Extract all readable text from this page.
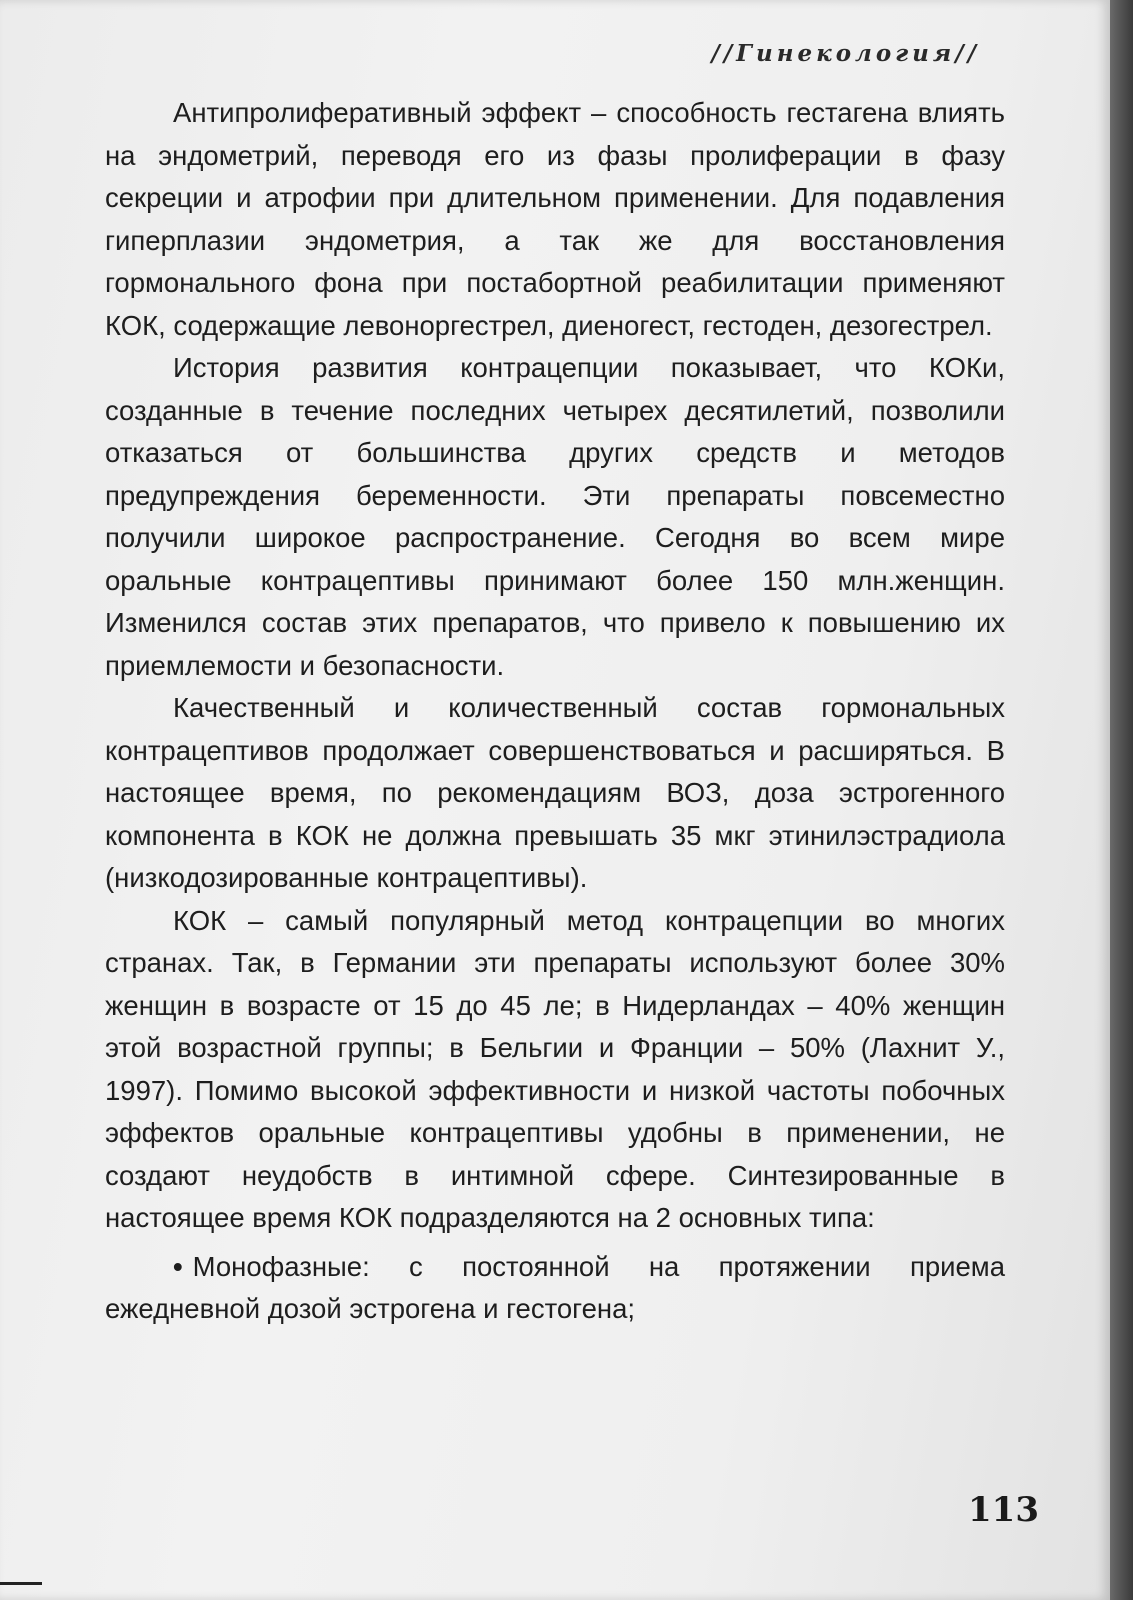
//Гинекология//

Антипролиферативный эффект – способность гестагена влиять на эндометрий, переводя его из фазы пролиферации в фазу секреции и атрофии при длительном применении. Для подавления гиперплазии эндометрия, а так же для восстановления гормонального фона при постабортной реабилитации применяют КОК, содержащие левоноргестрел, диеногест, гестоден, дезогестрел.

История развития контрацепции показывает, что КОКи, созданные в течение последних четырех десятилетий, позволили отказаться от большинства других средств и методов предупреждения беременности. Эти препараты повсеместно получили широкое распространение. Сегодня во всем мире оральные контрацептивы принимают более 150 млн.женщин. Изменился состав этих препаратов, что привело к повышению их приемлемости и безопасности.

Качественный и количественный состав гормональных контрацептивов продолжает совершенствоваться и расширяться. В настоящее время, по рекомендациям ВОЗ, доза эстрогенного компонента в КОК не должна превышать 35 мкг этинилэстрадиола (низкодозированные контрацептивы).

КОК – самый популярный метод контрацепции во многих странах. Так, в Германии эти препараты используют более 30% женщин в возрасте от 15 до 45 ле; в Нидерландах – 40% женщин этой возрастной группы; в Бельгии и Франции – 50% (Лахнит У., 1997). Помимо высокой эффективности и низкой частоты побочных эффектов оральные контрацептивы удобны в применении, не создают неудобств в интимной сфере. Синтезированные в настоящее время КОК подразделяются на 2 основных типа:

• Монофазные: с постоянной на протяжении приема ежедневной дозой эстрогена и гестогена;

113
